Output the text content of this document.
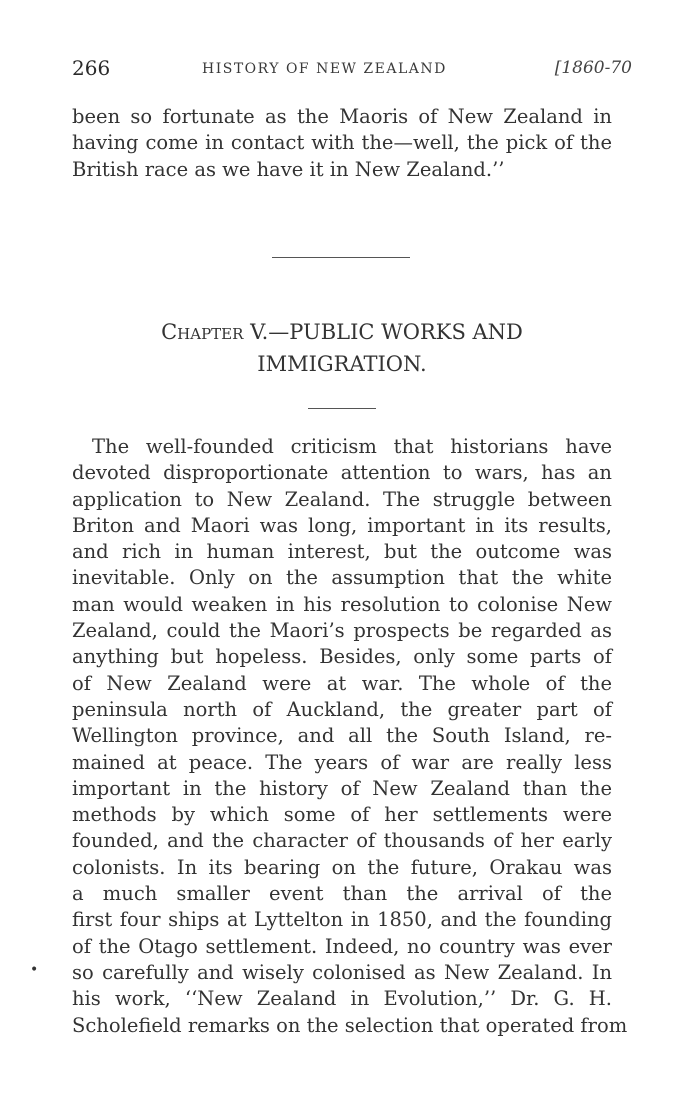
266	HISTORY OF NEW ZEALAND	[1860-70
been so fortunate as the Maoris of New Zealand in
having come in contact with the—well, the pick of the
British race as we have it in New Zealand.’’
Chapter V.—PUBLIC WORKS AND
IMMIGRATION.
The well-founded criticism that historians have
devoted disproportionate attention to wars, has an
application to New Zealand. The struggle between
Briton and Maori was long, important in its results,
and rich in human interest, but the outcome was
inevitable. Only on the assumption that the white
man would weaken in his resolution to colonise New
Zealand, could the Maori’s prospects be regarded as
anything but hopeless. Besides, only some parts of
of New Zealand were at war. The whole of the
peninsula north of Auckland, the greater part of
Wellington province, and all the South Island, re-
mained at peace. The years of war are really less
important in the history of New Zealand than the
methods by which some of her settlements were
founded, and the character of thousands of her early
colonists. In its bearing on the future, Orakau was
a much smaller event than the arrival of the
first four ships at Lyttelton in 1850, and the founding
of the Otago settlement. Indeed, no country was ever
so carefully and wisely colonised as New Zealand. In
his work, ‘‘New Zealand in Evolution,’’ Dr. G. H.
Scholefield remarks on the selection that operated from
•
